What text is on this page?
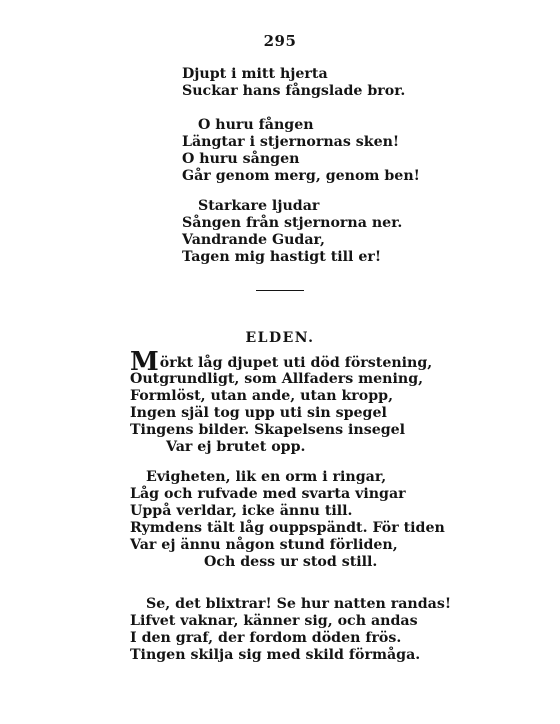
295
Djupt i mitt hjerta
Suckar hans fångslade bror.
O huru fången
Längtar i stjernornas sken!
O huru sången
Går genom merg, genom ben!
Starkare ljudar
Sången från stjernorna ner.
Vandrande Gudar,
Tagen mig hastigt till er!
ELDEN.
Mörkt låg djupet uti död förstening,
Outgrundligt, som Allfaders mening,
Formlöst, utan ande, utan kropp,
Ingen själ tog upp uti sin spegel
Tingens bilder. Skapelsens insegel
Var ej brutet opp.
Evigheten, lik en orm i ringar,
Låg och rufvade med svarta vingar
Uppå verldar, icke ännu till.
Rymdens tält låg ouppspändt. För tiden
Var ej ännu någon stund förliden,
Och dess ur stod still.
Se, det blixtrar! Se hur natten randas!
Lifvet vaknar, känner sig, och andas
I den graf, der fordom döden frös.
Tingen skilja sig med skild förmåga.
